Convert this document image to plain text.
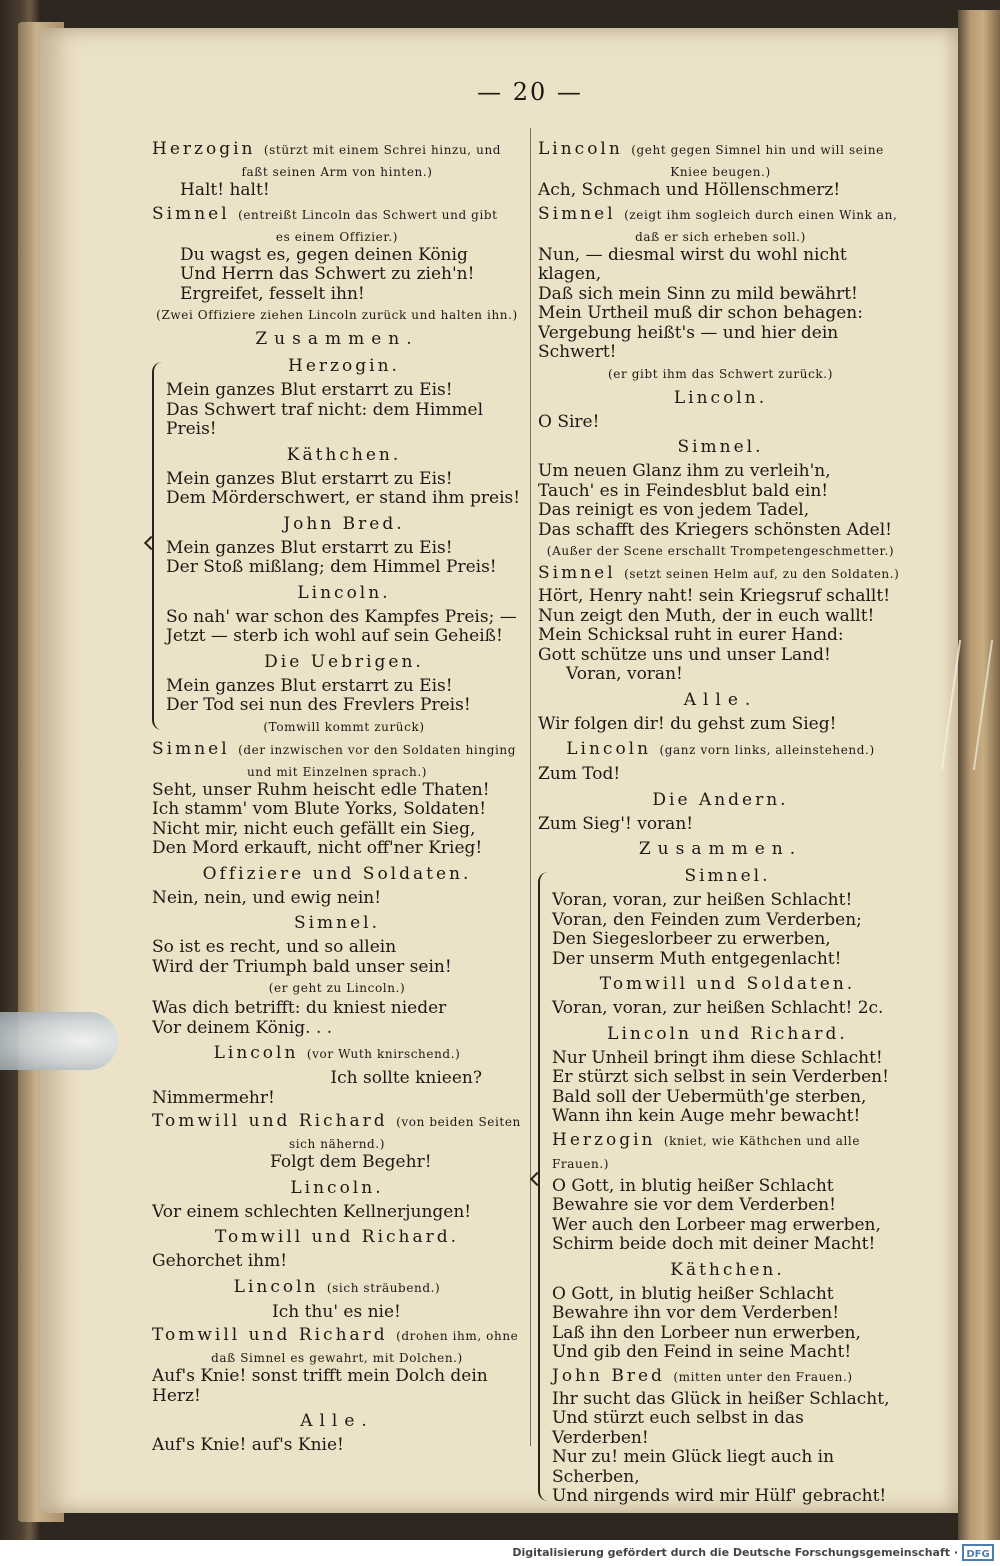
— 20 —
Herzogin (stürzt mit einem Schrei hinzu, und
faßt seinen Arm von hinten.)
Halt! halt!
Simnel (entreißt Lincoln das Schwert und gibt
es einem Offizier.)
Du wagst es, gegen deinen König
Und Herrn das Schwert zu zieh'n!
Ergreifet, fesselt ihn!
(Zwei Offiziere ziehen Lincoln zurück und halten ihn.)
Zusammen.
Herzogin.
Mein ganzes Blut erstarrt zu Eis!
Das Schwert traf nicht: dem Himmel Preis!
Käthchen.
Mein ganzes Blut erstarrt zu Eis!
Dem Mörderschwert, er stand ihm preis!
John Bred.
Mein ganzes Blut erstarrt zu Eis!
Der Stoß mißlang; dem Himmel Preis!
Lincoln.
So nah' war schon des Kampfes Preis; —
Jetzt — sterb ich wohl auf sein Geheiß!
Die Uebrigen.
Mein ganzes Blut erstarrt zu Eis!
Der Tod sei nun des Frevlers Preis!
(Tomwill kommt zurück)
Simnel (der inzwischen vor den Soldaten hinging
und mit Einzelnen sprach.)
Seht, unser Ruhm heischt edle Thaten!
Ich stamm' vom Blute Yorks, Soldaten!
Nicht mir, nicht euch gefällt ein Sieg,
Den Mord erkauft, nicht off'ner Krieg!
Offiziere und Soldaten.
Nein, nein, und ewig nein!
Simnel.
So ist es recht, und so allein
Wird der Triumph bald unser sein!
(er geht zu Lincoln.)
Was dich betrifft: du kniest nieder
Vor deinem König. . .
Lincoln (vor Wuth knirschend.)
Ich sollte knieen?
Nimmermehr!
Tomwill und Richard (von beiden Seiten
sich nähernd.)
Folgt dem Begehr!
Lincoln.
Vor einem schlechten Kellnerjungen!
Tomwill und Richard.
Gehorchet ihm!
Lincoln (sich sträubend.)
Ich thu' es nie!
Tomwill und Richard (drohen ihm, ohne
daß Simnel es gewahrt, mit Dolchen.)
Auf's Knie! sonst trifft mein Dolch dein Herz!
Alle.
Auf's Knie! auf's Knie!
Lincoln (geht gegen Simnel hin und will seine
Kniee beugen.)
Ach, Schmach und Höllenschmerz!
Simnel (zeigt ihm sogleich durch einen Wink an,
daß er sich erheben soll.)
Nun, — diesmal wirst du wohl nicht klagen,
Daß sich mein Sinn zu mild bewährt!
Mein Urtheil muß dir schon behagen:
Vergebung heißt's — und hier dein Schwert!
(er gibt ihm das Schwert zurück.)
Lincoln.
O Sire!
Simnel.
Um neuen Glanz ihm zu verleih'n,
Tauch' es in Feindesblut bald ein!
Das reinigt es von jedem Tadel,
Das schafft des Kriegers schönsten Adel!
(Außer der Scene erschallt Trompetengeschmetter.)
Simnel (setzt seinen Helm auf, zu den Soldaten.)
Hört, Henry naht! sein Kriegsruf schallt!
Nun zeigt den Muth, der in euch wallt!
Mein Schicksal ruht in eurer Hand:
Gott schütze uns und unser Land!
Voran, voran!
Alle.
Wir folgen dir! du gehst zum Sieg!
Lincoln (ganz vorn links, alleinstehend.)
Zum Tod!
Die Andern.
Zum Sieg'! voran!
Zusammen.
Simnel.
Voran, voran, zur heißen Schlacht!
Voran, den Feinden zum Verderben;
Den Siegeslorbeer zu erwerben,
Der unserm Muth entgegenlacht!
Tomwill und Soldaten.
Voran, voran, zur heißen Schlacht! 2c.
Lincoln und Richard.
Nur Unheil bringt ihm diese Schlacht!
Er stürzt sich selbst in sein Verderben!
Bald soll der Uebermüth'ge sterben,
Wann ihn kein Auge mehr bewacht!
Herzogin (kniet, wie Käthchen und alle Frauen.)
O Gott, in blutig heißer Schlacht
Bewahre sie vor dem Verderben!
Wer auch den Lorbeer mag erwerben,
Schirm beide doch mit deiner Macht!
Käthchen.
O Gott, in blutig heißer Schlacht
Bewahre ihn vor dem Verderben!
Laß ihn den Lorbeer nun erwerben,
Und gib den Feind in seine Macht!
John Bred (mitten unter den Frauen.)
Ihr sucht das Glück in heißer Schlacht,
Und stürzt euch selbst in das Verderben!
Nur zu! mein Glück liegt auch in Scherben,
Und nirgends wird mir Hülf' gebracht!
Digitalisierung gefördert durch die Deutsche Forschungsgemeinschaft · DFG
